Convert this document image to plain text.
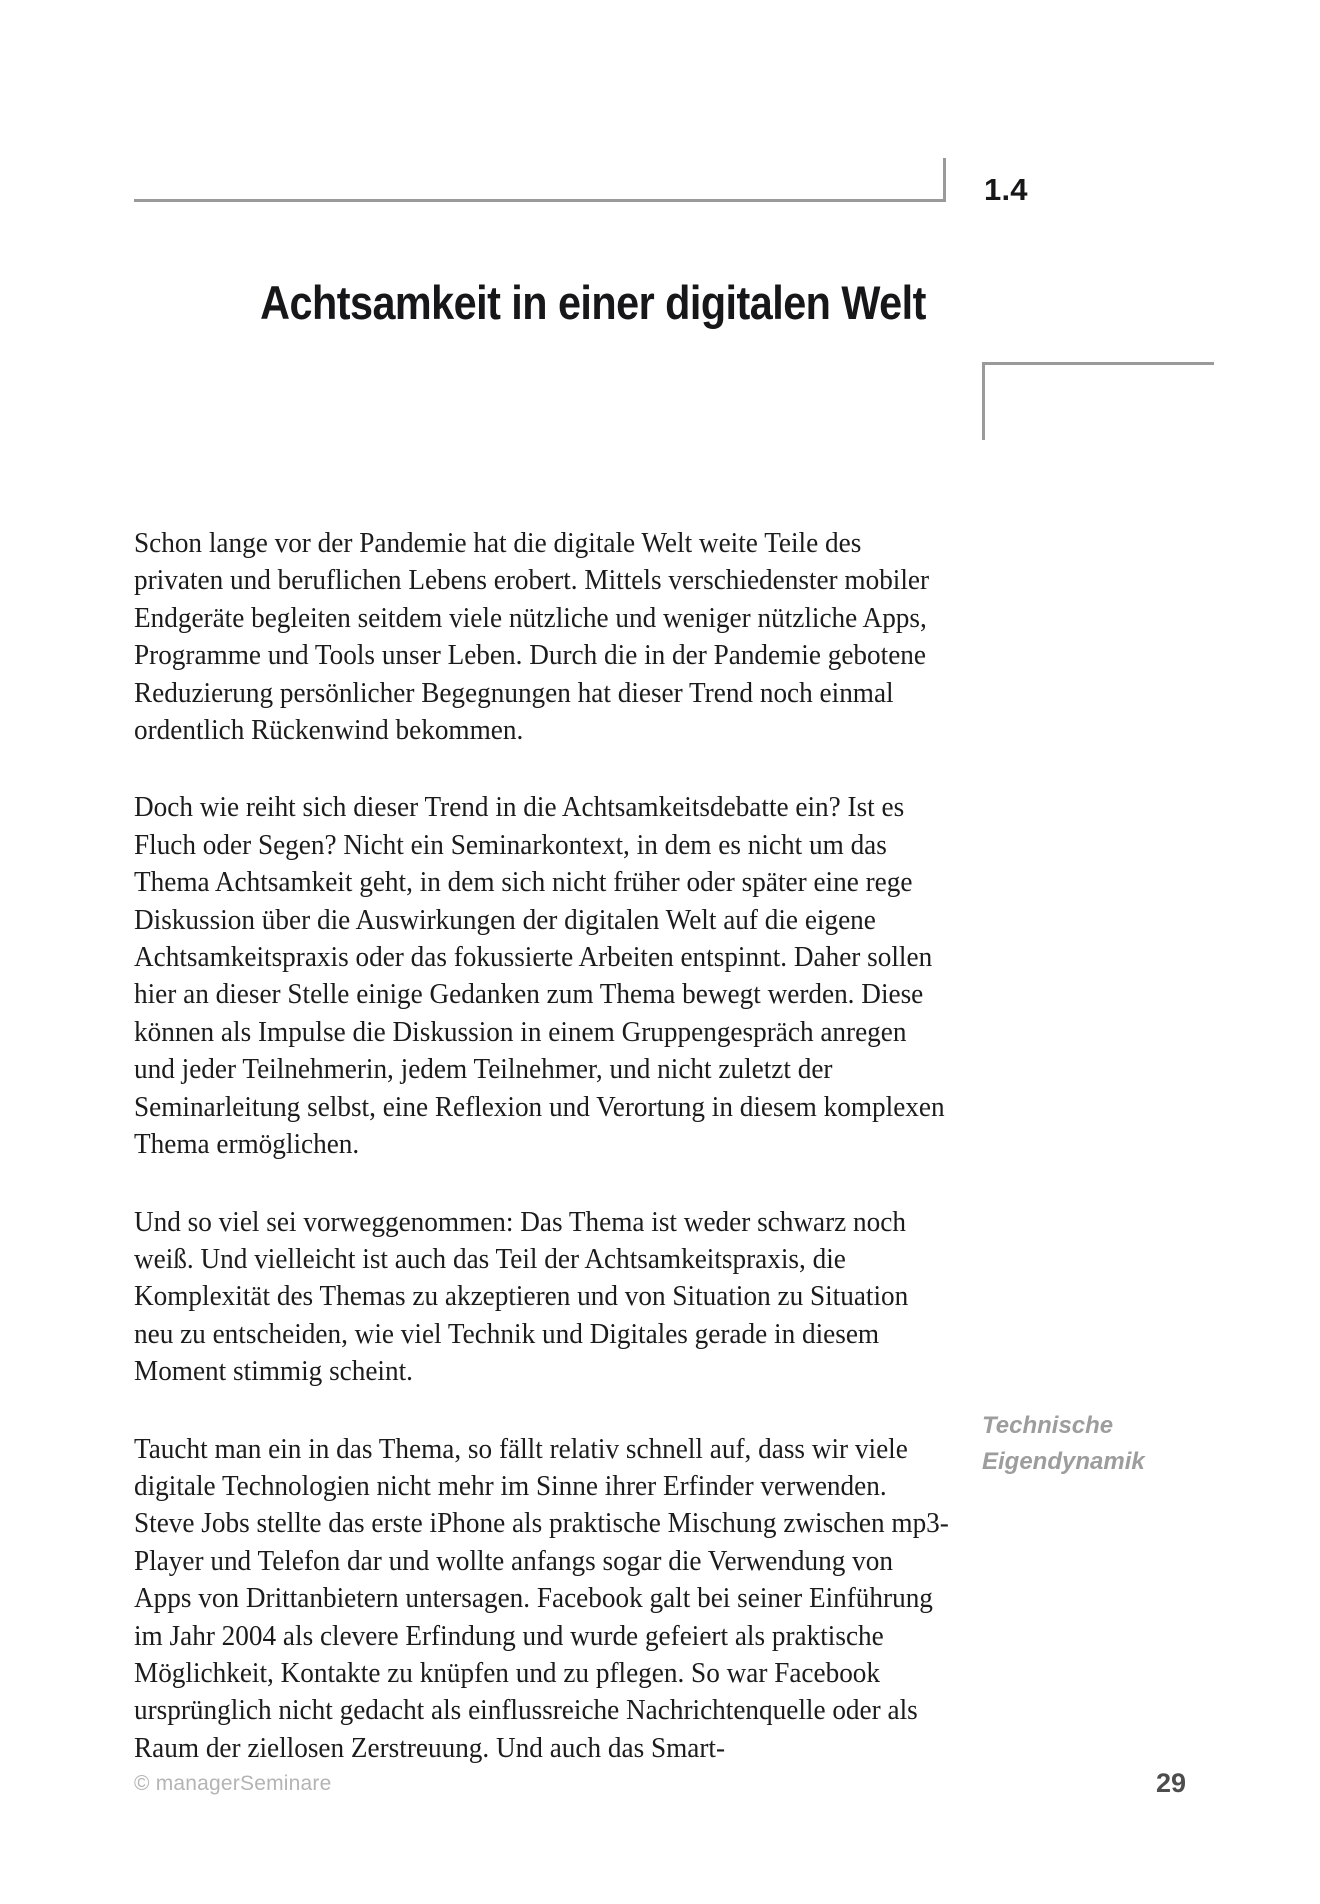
1.4
Achtsamkeit in einer digitalen Welt

Schon lange vor der Pandemie hat die digitale Welt weite Teile des privaten und beruflichen Lebens erobert. Mittels verschiedenster mobiler Endgeräte begleiten seitdem viele nützliche und weniger nützliche Apps, Programme und Tools unser Leben. Durch die in der Pandemie gebotene Reduzierung persönlicher Begegnungen hat dieser Trend noch einmal ordentlich Rückenwind bekommen.

Doch wie reiht sich dieser Trend in die Achtsamkeitsdebatte ein? Ist es Fluch oder Segen? Nicht ein Seminarkontext, in dem es nicht um das Thema Achtsamkeit geht, in dem sich nicht früher oder später eine rege Diskussion über die Auswirkungen der digitalen Welt auf die eigene Achtsamkeitspraxis oder das fokussierte Arbeiten entspinnt. Daher sollen hier an dieser Stelle einige Gedanken zum Thema bewegt werden. Diese können als Impulse die Diskussion in einem Gruppengespräch anregen und jeder Teilnehmerin, jedem Teilnehmer, und nicht zuletzt der Seminarleitung selbst, eine Reflexion und Verortung in diesem komplexen Thema ermöglichen.

Und so viel sei vorweggenommen: Das Thema ist weder schwarz noch weiß. Und vielleicht ist auch das Teil der Achtsamkeitspraxis, die Komplexität des Themas zu akzeptieren und von Situation zu Situation neu zu entscheiden, wie viel Technik und Digitales gerade in diesem Moment stimmig scheint.

Taucht man ein in das Thema, so fällt relativ schnell auf, dass wir viele digitale Technologien nicht mehr im Sinne ihrer Erfinder verwenden. Steve Jobs stellte das erste iPhone als praktische Mischung zwischen mp3-Player und Telefon dar und wollte anfangs sogar die Verwendung von Apps von Drittanbietern untersagen. Facebook galt bei seiner Einführung im Jahr 2004 als clevere Erfindung und wurde gefeiert als praktische Möglichkeit, Kontakte zu knüpfen und zu pflegen. So war Facebook ursprünglich nicht gedacht als einflussreiche Nachrichtenquelle oder als Raum der ziellosen Zerstreuung. Und auch das Smart-

Technische
Eigendynamik
© managerSeminare	29
